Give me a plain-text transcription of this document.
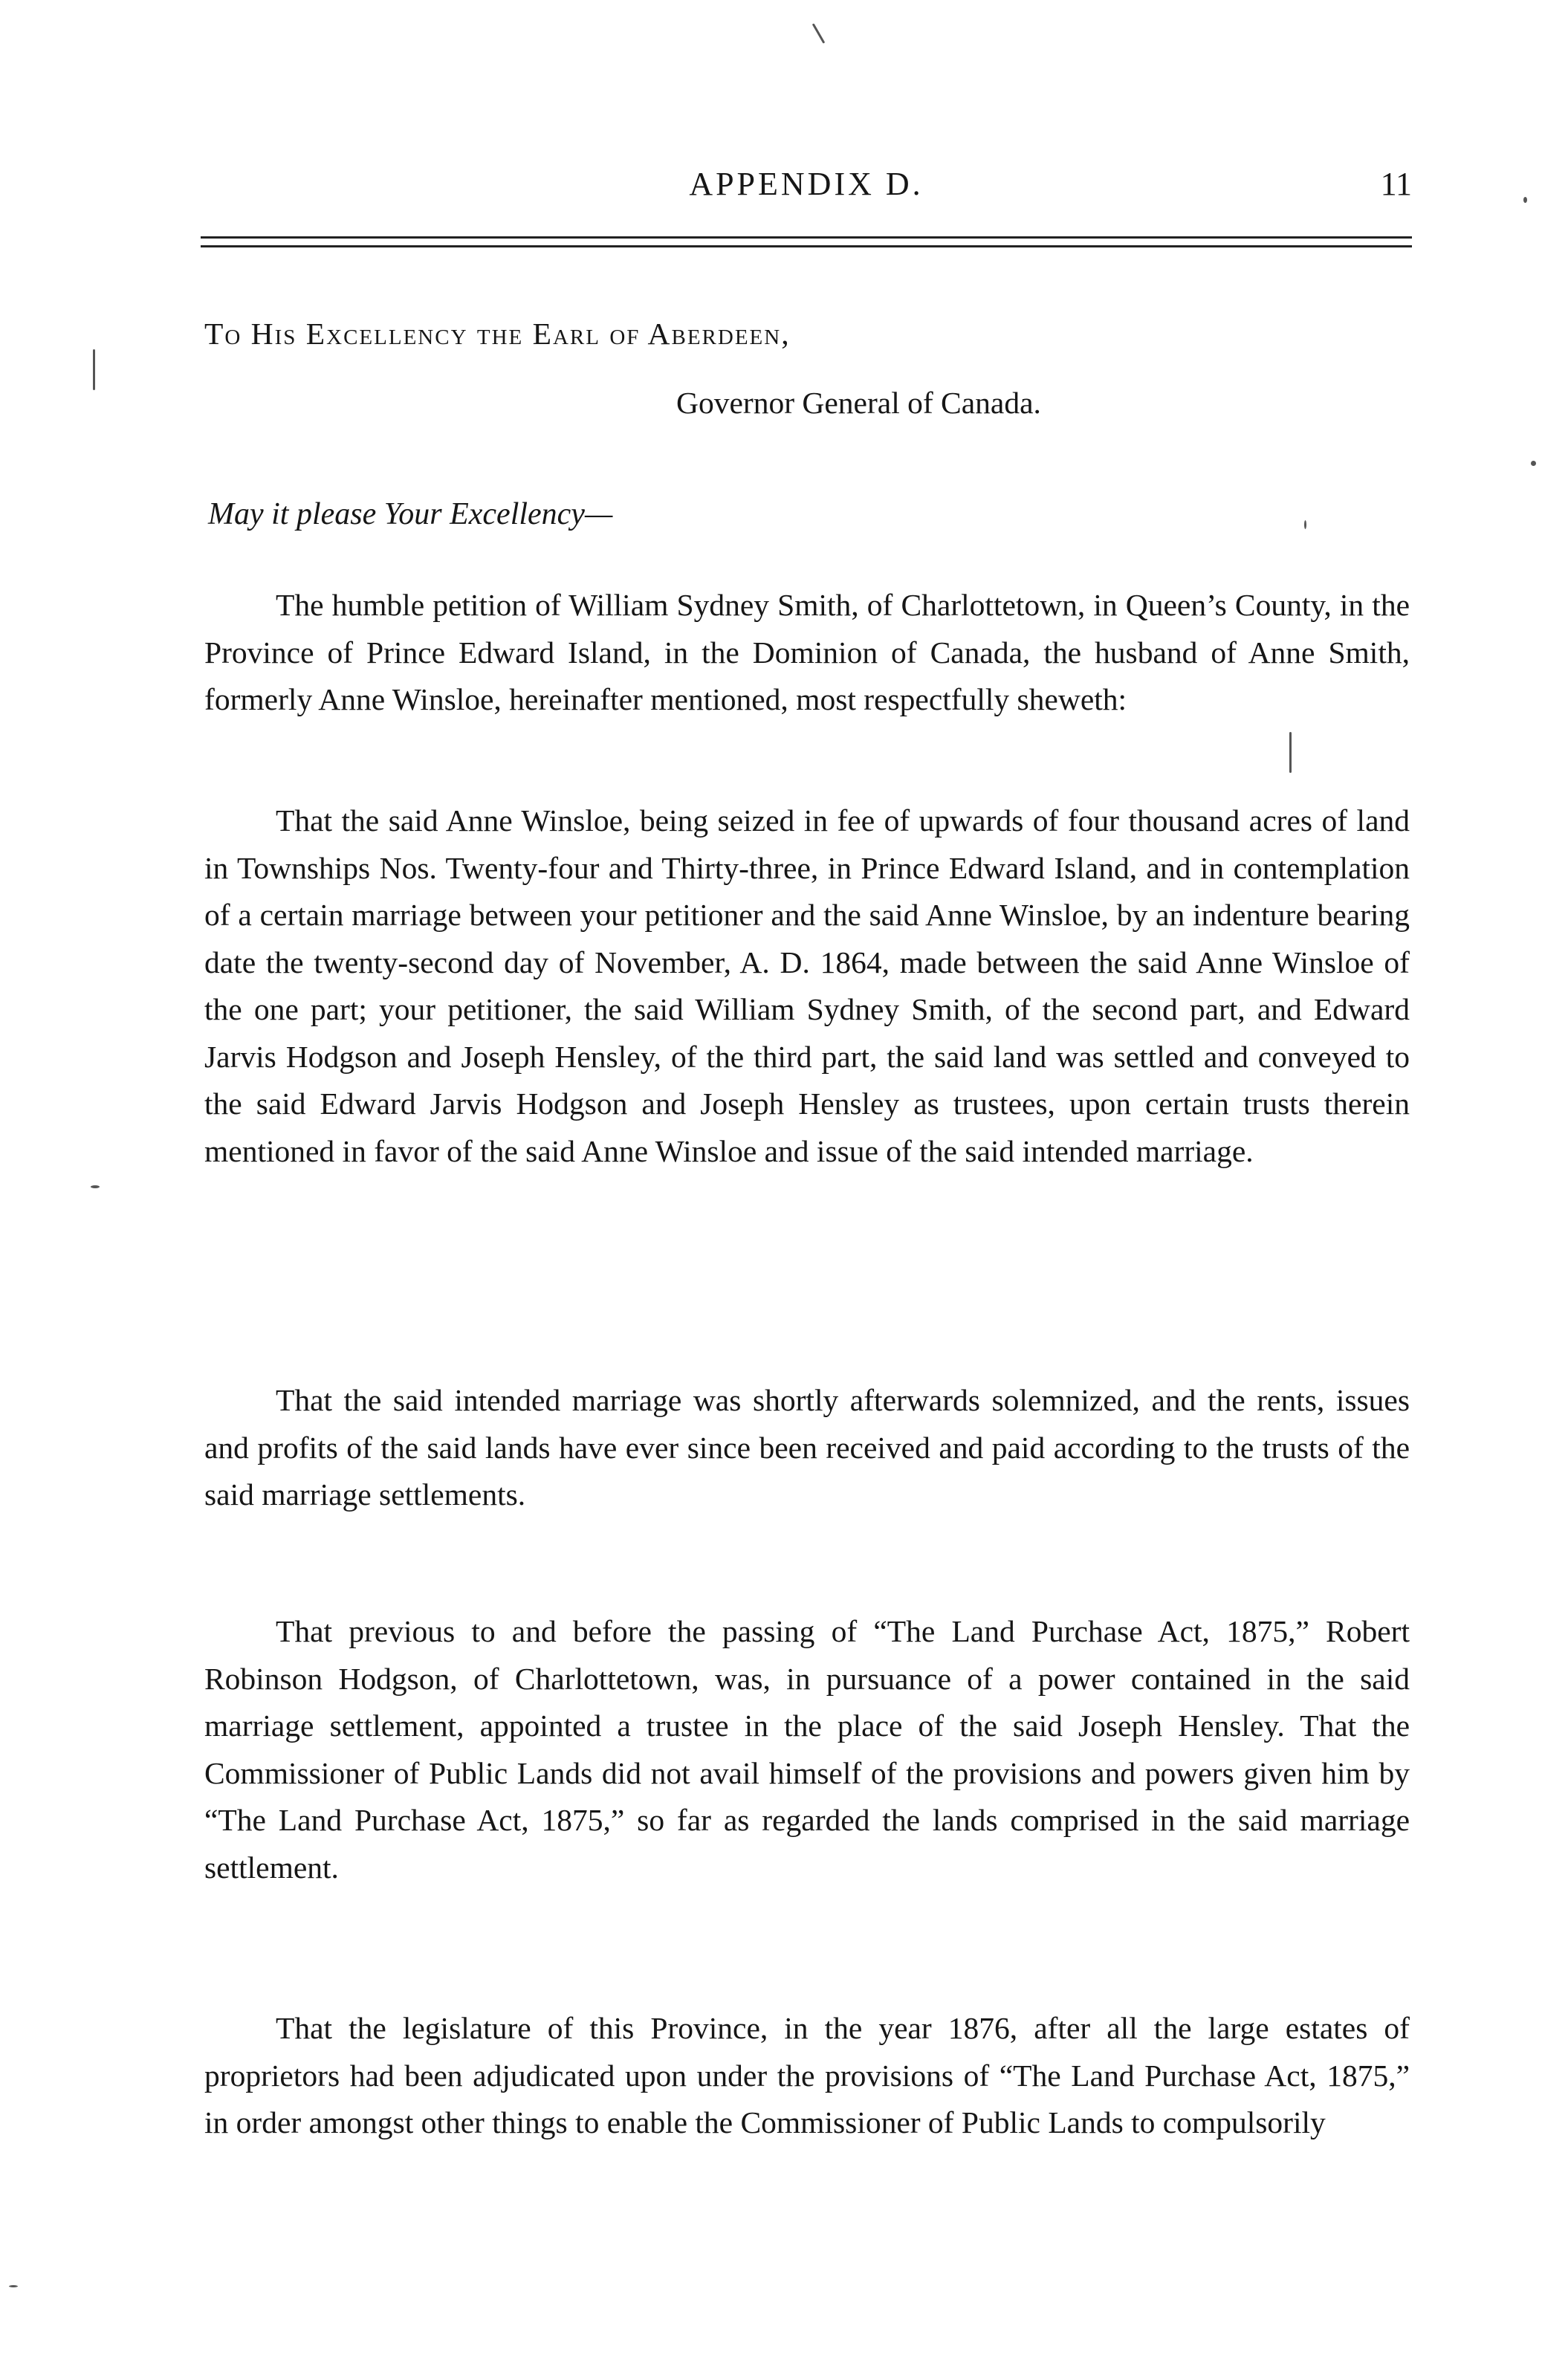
APPENDIX D.	11
To His Excellency the Earl of Aberdeen,
Governor General of Canada.
May it please Your Excellency—

The humble petition of William Sydney Smith, of Charlottetown, in Queen’s County, in the Province of Prince Edward Island, in the Dominion of Canada, the husband of Anne Smith, formerly Anne Winsloe, hereinafter mentioned, most respectfully sheweth:

That the said Anne Winsloe, being seized in fee of upwards of four thousand acres of land in Townships Nos. Twenty-four and Thirty-three, in Prince Edward Island, and in contemplation of a certain marriage between your petitioner and the said Anne Winsloe, by an indenture bearing date the twenty-second day of November, A. D. 1864, made between the said Anne Winsloe of the one part; your petitioner, the said William Sydney Smith, of the second part, and Edward Jarvis Hodgson and Joseph Hensley, of the third part, the said land was settled and conveyed to the said Edward Jarvis Hodgson and Joseph Hensley as trustees, upon certain trusts therein mentioned in favor of the said Anne Winsloe and issue of the said intended marriage.

That the said intended marriage was shortly afterwards solemnized, and the rents, issues and profits of the said lands have ever since been received and paid according to the trusts of the said marriage settlements.

That previous to and before the passing of “The Land Purchase Act, 1875,” Robert Robinson Hodgson, of Charlottetown, was, in pursuance of a power contained in the said marriage settlement, appointed a trustee in the place of the said Joseph Hensley. That the Commissioner of Public Lands did not avail himself of the provisions and powers given him by “The Land Purchase Act, 1875,” so far as regarded the lands comprised in the said marriage settlement.

That the legislature of this Province, in the year 1876, after all the large estates of proprietors had been adjudicated upon under the provisions of “The Land Purchase Act, 1875,” in order amongst other things to enable the Commissioner of Public Lands to compulsorily
